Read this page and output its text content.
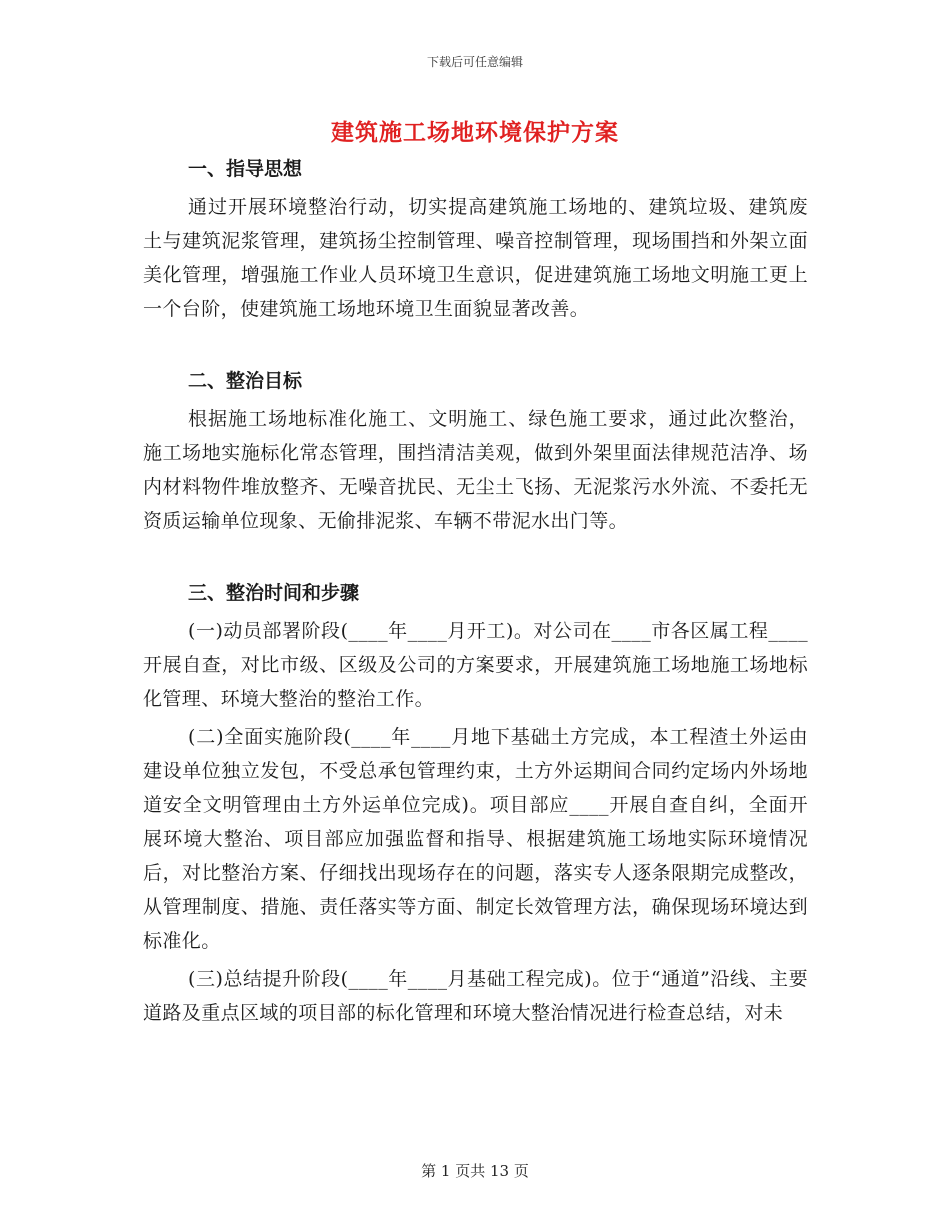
下载后可任意编辑
建筑施工场地环境保护方案
一、指导思想
通过开展环境整治行动，切实提高建筑施工场地的、建筑垃圾、建筑废土与建筑泥浆管理，建筑扬尘控制管理、噪音控制管理，现场围挡和外架立面美化管理，增强施工作业人员环境卫生意识，促进建筑施工场地文明施工更上一个台阶，使建筑施工场地环境卫生面貌显著改善。
二、整治目标
根据施工场地标准化施工、文明施工、绿色施工要求，通过此次整治，施工场地实施标化常态管理，围挡清洁美观，做到外架里面法律规范洁净、场内材料物件堆放整齐、无噪音扰民、无尘土飞扬、无泥浆污水外流、不委托无资质运输单位现象、无偷排泥浆、车辆不带泥水出门等。
三、整治时间和步骤
(一)动员部署阶段(____年____月开工)。对公司在____市各区属工程____开展自查，对比市级、区级及公司的方案要求，开展建筑施工场地施工场地标化管理、环境大整治的整治工作。
(二)全面实施阶段(____年____月地下基础土方完成，本工程渣土外运由建设单位独立发包，不受总承包管理约束，土方外运期间合同约定场内外场地道安全文明管理由土方外运单位完成)。项目部应____开展自查自纠，全面开展环境大整治、项目部应加强监督和指导、根据建筑施工场地实际环境情况后，对比整治方案、仔细找出现场存在的问题，落实专人逐条限期完成整改，从管理制度、措施、责任落实等方面、制定长效管理方法，确保现场环境达到标准化。
(三)总结提升阶段(____年____月基础工程完成)。位于“通道”沿线、主要道路及重点区域的项目部的标化管理和环境大整治情况进行检查总结，对未
第 1 页共 13 页
